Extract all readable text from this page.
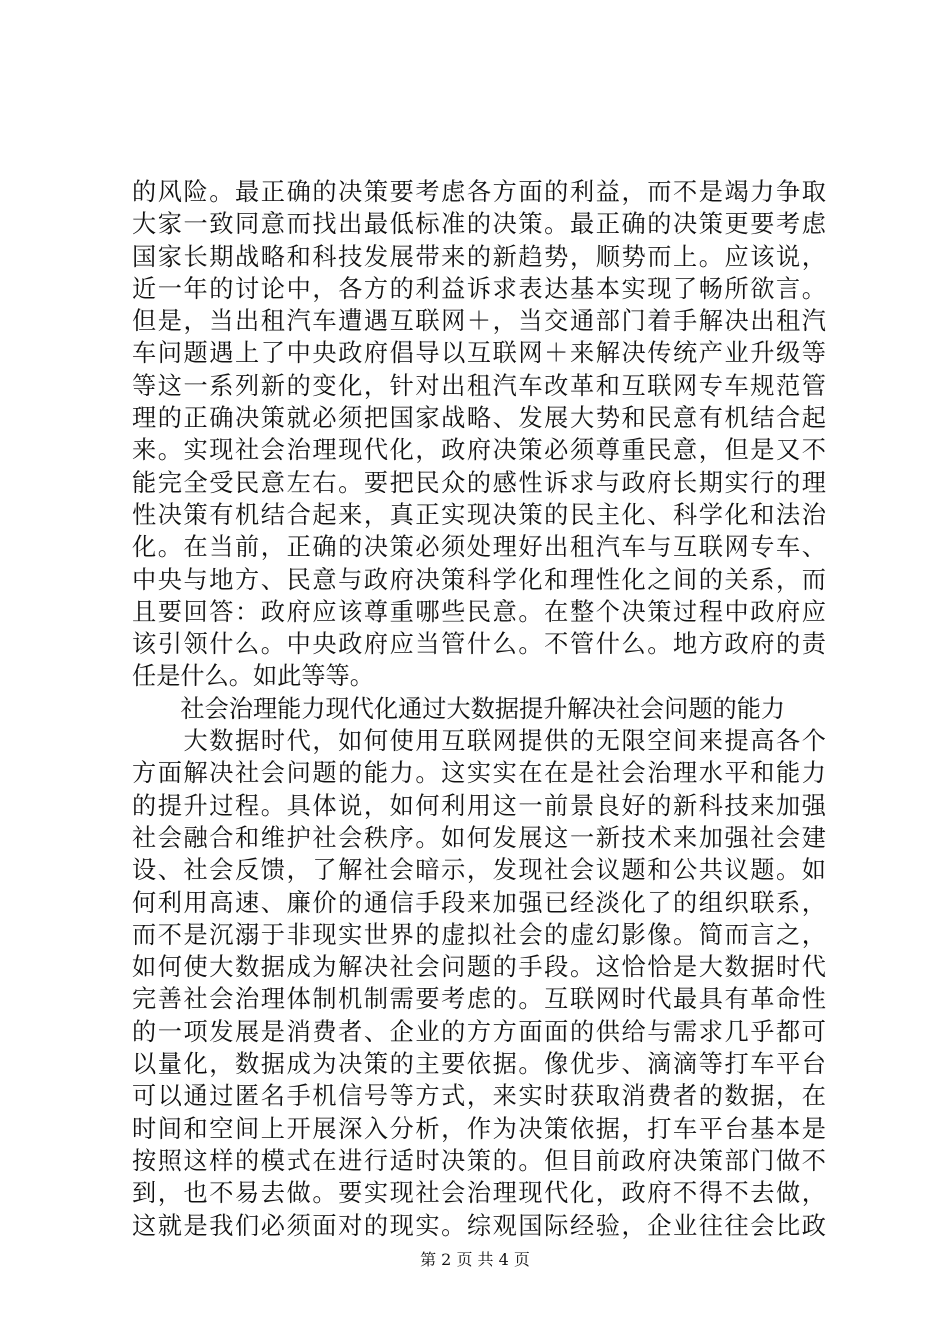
的风险。最正确的决策要考虑各方面的利益，而不是竭力争取
大家一致同意而找出最低标准的决策。最正确的决策更要考虑
国家长期战略和科技发展带来的新趋势，顺势而上。应该说，
近一年的讨论中，各方的利益诉求表达基本实现了畅所欲言。
但是，当出租汽车遭遇互联网＋，当交通部门着手解决出租汽
车问题遇上了中央政府倡导以互联网＋来解决传统产业升级等
等这一系列新的变化，针对出租汽车改革和互联网专车规范管
理的正确决策就必须把国家战略、发展大势和民意有机结合起
来。实现社会治理现代化，政府决策必须尊重民意，但是又不
能完全受民意左右。要把民众的感性诉求与政府长期实行的理
性决策有机结合起来，真正实现决策的民主化、科学化和法治
化。在当前，正确的决策必须处理好出租汽车与互联网专车、
中央与地方、民意与政府决策科学化和理性化之间的关系，而
且要回答：政府应该尊重哪些民意。在整个决策过程中政府应
该引领什么。中央政府应当管什么。不管什么。地方政府的责
任是什么。如此等等。
　　社会治理能力现代化通过大数据提升解决社会问题的能力
　　大数据时代，如何使用互联网提供的无限空间来提高各个
方面解决社会问题的能力。这实实在在是社会治理水平和能力
的提升过程。具体说，如何利用这一前景良好的新科技来加强
社会融合和维护社会秩序。如何发展这一新技术来加强社会建
设、社会反馈，了解社会暗示，发现社会议题和公共议题。如
何利用高速、廉价的通信手段来加强已经淡化了的组织联系，
而不是沉溺于非现实世界的虚拟社会的虚幻影像。简而言之，
如何使大数据成为解决社会问题的手段。这恰恰是大数据时代
完善社会治理体制机制需要考虑的。互联网时代最具有革命性
的一项发展是消费者、企业的方方面面的供给与需求几乎都可
以量化，数据成为决策的主要依据。像优步、滴滴等打车平台
可以通过匿名手机信号等方式，来实时获取消费者的数据，在
时间和空间上开展深入分析，作为决策依据，打车平台基本是
按照这样的模式在进行适时决策的。但目前政府决策部门做不
到，也不易去做。要实现社会治理现代化，政府不得不去做，
这就是我们必须面对的现实。综观国际经验，企业往往会比政
第 2 页 共 4 页
